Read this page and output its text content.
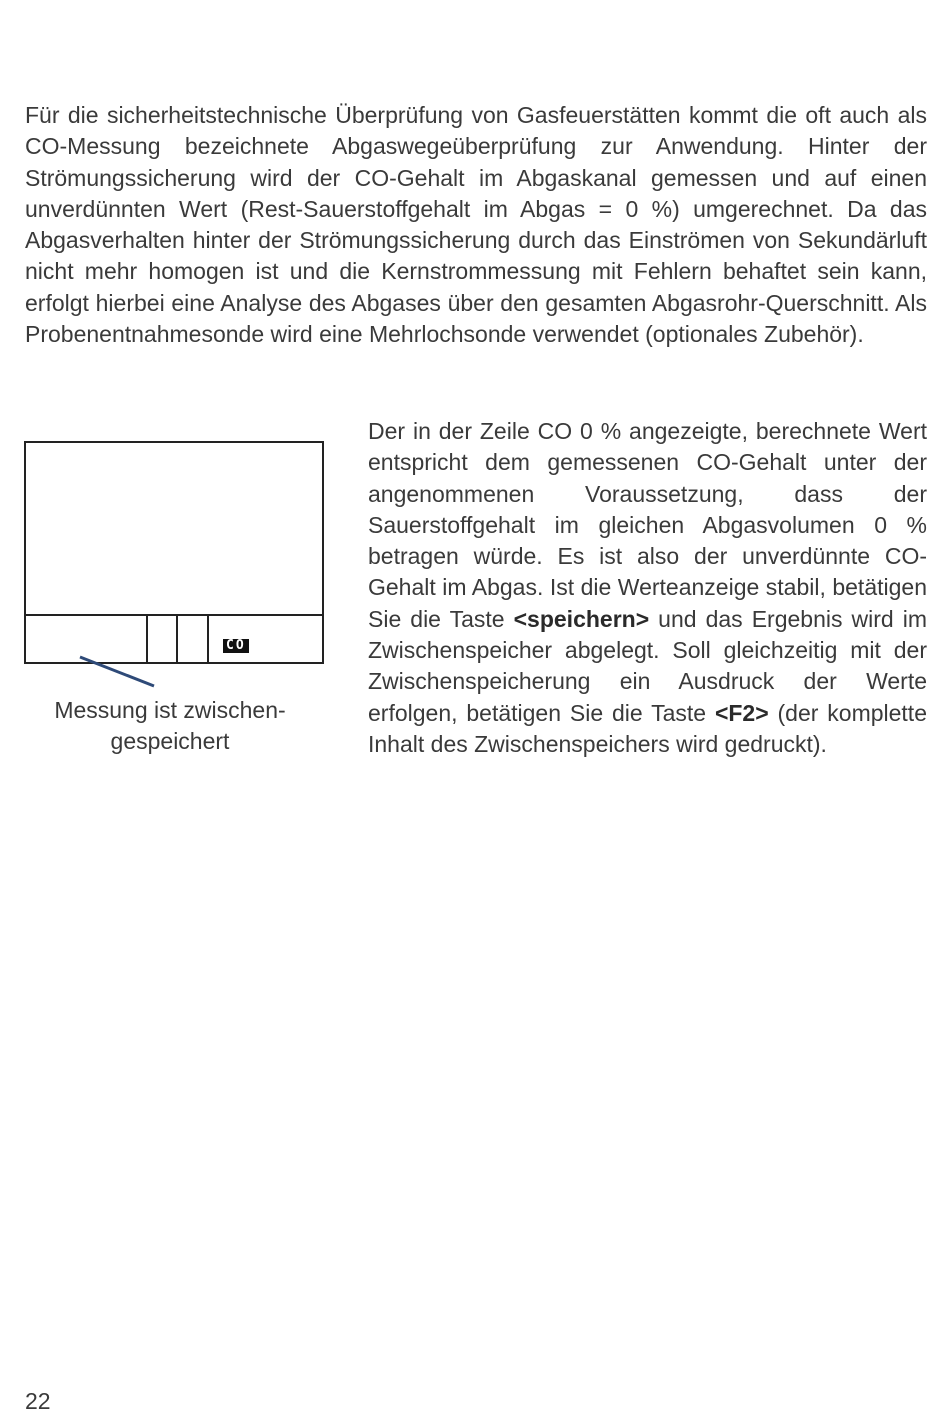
Für die sicherheitstechnische Überprüfung von Gasfeuerstätten kommt die oft auch als CO-Messung bezeichnete Abgaswegeüberprüfung zur Anwendung. Hinter der Strömungssicherung wird der CO-Gehalt im Abgaskanal gemessen und auf einen unverdünnten Wert (Rest-Sauerstoffgehalt im Abgas = 0 %) umgerechnet. Da das Abgasverhalten hinter der Strömungssicherung durch das Einströmen von Sekundärluft nicht mehr homogen ist und die Kernstrommessung mit Fehlern behaftet sein kann, erfolgt hierbei eine Analyse des Abgases über den gesamten Abgasrohr-Querschnitt. Als Probenentnahmesonde wird eine Mehrlochsonde verwendet (optionales Zubehör).

CO

Messung ist zwischen-
gespeichert

Der in der Zeile CO 0 % angezeigte, berechnete Wert entspricht dem gemessenen CO-Gehalt unter der angenommenen Voraussetzung, dass der Sauerstoffgehalt im gleichen Abgasvolumen 0 % betragen würde. Es ist also der unverdünnte CO-Gehalt im Abgas. Ist die Werteanzeige stabil, betätigen Sie die Taste <speichern> und das Ergebnis wird im Zwischenspeicher abgelegt. Soll gleichzeitig mit der Zwischenspeicherung ein Ausdruck der Werte erfolgen, betätigen Sie die Taste <F2> (der komplette Inhalt des Zwischenspeichers wird gedruckt).

22
